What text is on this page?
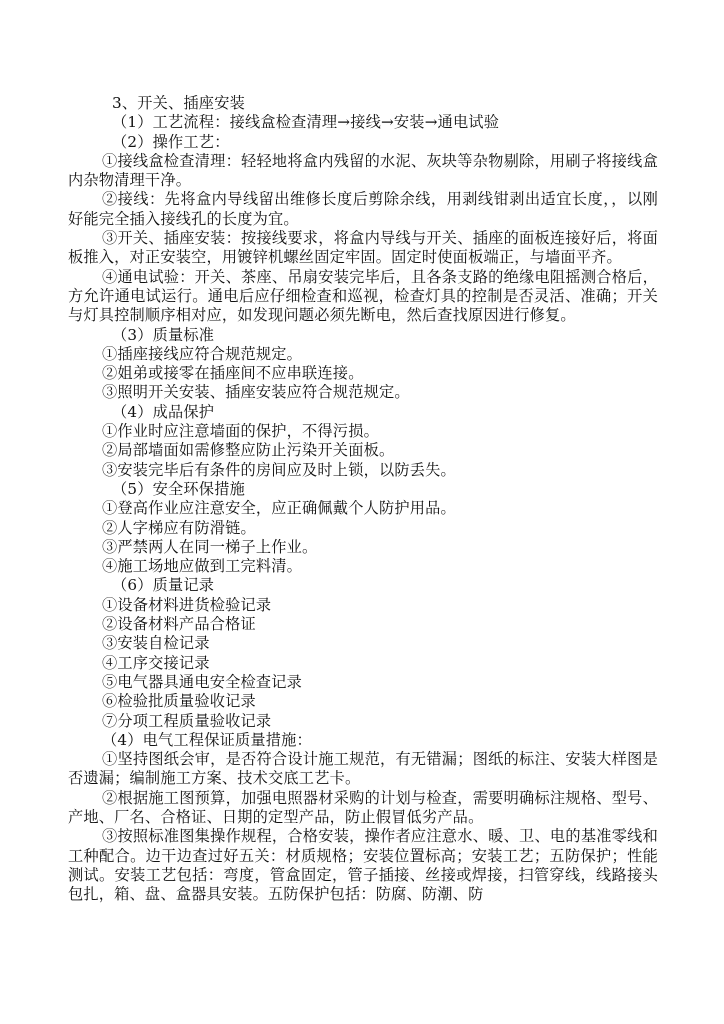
3、开关、插座安装

（1）工艺流程：接线盒检查清理→接线→安装→通电试验

（2）操作工艺：

①接线盒检查清理：轻轻地将盒内残留的水泥、灰块等杂物剔除，用刷子将接线盒内杂物清理干净。

②接线：先将盒内导线留出维修长度后剪除余线，用剥线钳剥出适宜长度，，以刚好能完全插入接线孔的长度为宜。

③开关、插座安装：按接线要求，将盒内导线与开关、插座的面板连接好后，将面板推入，对正安装空，用镀锌机螺丝固定牢固。固定时使面板端正，与墙面平齐。

④通电试验：开关、茶座、吊扇安装完毕后，且各条支路的绝缘电阻摇测合格后，方允许通电试运行。通电后应仔细检查和巡视，检查灯具的控制是否灵活、准确；开关与灯具控制顺序相对应，如发现问题必须先断电，然后查找原因进行修复。

（3）质量标准

①插座接线应符合规范规定。

②姐弟或接零在插座间不应串联连接。

③照明开关安装、插座安装应符合规范规定。

（4）成品保护

①作业时应注意墙面的保护，不得污损。

②局部墙面如需修整应防止污染开关面板。

③安装完毕后有条件的房间应及时上锁，以防丢失。

（5）安全环保措施

①登高作业应注意安全，应正确佩戴个人防护用品。

②人字梯应有防滑链。

③严禁两人在同一梯子上作业。

④施工场地应做到工完料清。

（6）质量记录

①设备材料进货检验记录

②设备材料产品合格证

③安装自检记录

④工序交接记录

⑤电气器具通电安全检查记录

⑥检验批质量验收记录

⑦分项工程质量验收记录

（4）电气工程保证质量措施：

①坚持图纸会审，是否符合设计施工规范，有无错漏；图纸的标注、安装大样图是否遗漏；编制施工方案、技术交底工艺卡。

②根据施工图预算，加强电照器材采购的计划与检查，需要明确标注规格、型号、产地、厂名、合格证、日期的定型产品，防止假冒低劣产品。

③按照标准图集操作规程，合格安装，操作者应注意水、暖、卫、电的基准零线和工种配合。边干边查过好五关：材质规格；安装位置标高；安装工艺；五防保护；性能测试。安装工艺包括：弯度，管盒固定，管子插接、丝接或焊接，扫管穿线，线路接头包扎，箱、盘、盒器具安装。五防保护包括：防腐、防潮、防
